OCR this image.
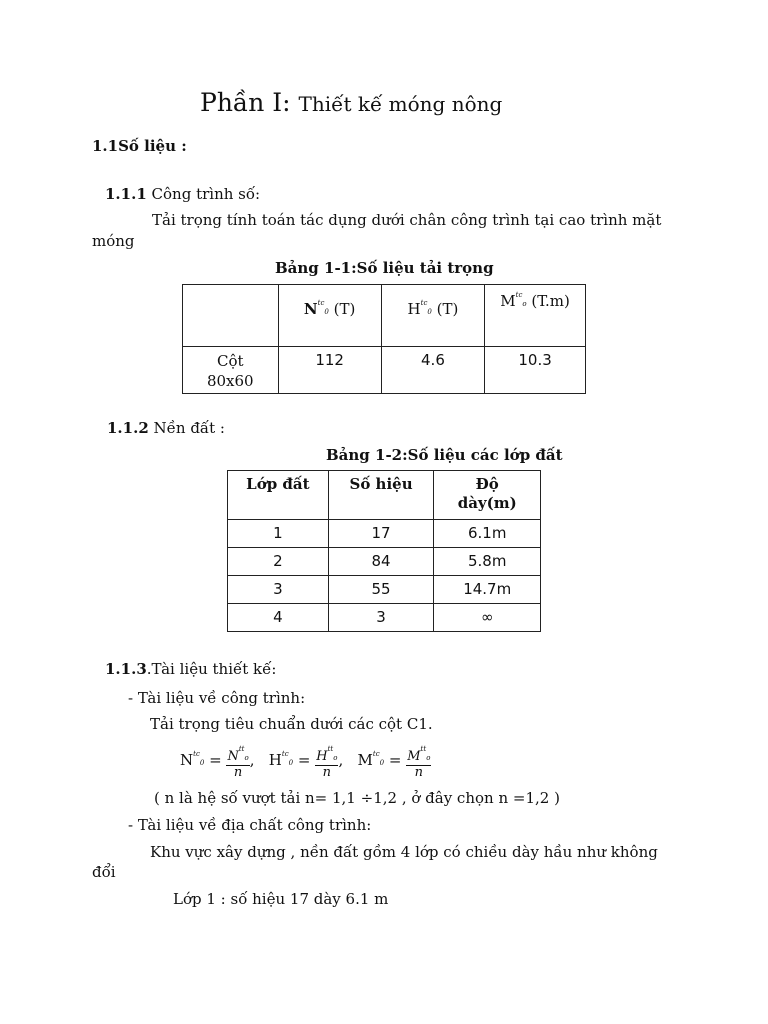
Phần I: Thiết kế móng nông
1.1Số liệu :
1.1.1 Công trình số:
Tải trọng tính toán tác dụng dưới chân công trình tại cao trình mặt
móng
Bảng 1-1:Số liệu tải trọng
	$N^{tc}0$ (T)	$H^{tc}0$ (T)	$M^{tc}o$ (T.m)

Cột
80x60	112	4.6	10.3
1.1.2 Nền đất :
Bảng 1-2:Số liệu các lớp đất
Lớp đất	Số hiệu	Độ
dày(m)

1	17	6.1m
2	84	5.8m
3	55	14.7m
4	3	∞
1.1.3.Tài liệu thiết kế:
- Tài liệu về công trình:
Tải trọng tiêu chuẩn dưới các cột C1.
$N^{tc}0 = \frac{N^{tt}o}{n}$ , $H^{tc}0 = \frac{H^{tt}o}{n}$ , $M^{tc}0 = \frac{M^{tt}o}{n}$
( n là hệ số vượt tải n= 1,1 ÷1,2 , ở đây chọn n =1,2 )
- Tài liệu về địa chất công trình:
Khu vực xây dựng , nền đất gồm 4 lớp có chiều dày hầu như không
đổi
Lớp 1 : số hiệu 17 dày 6.1 m
